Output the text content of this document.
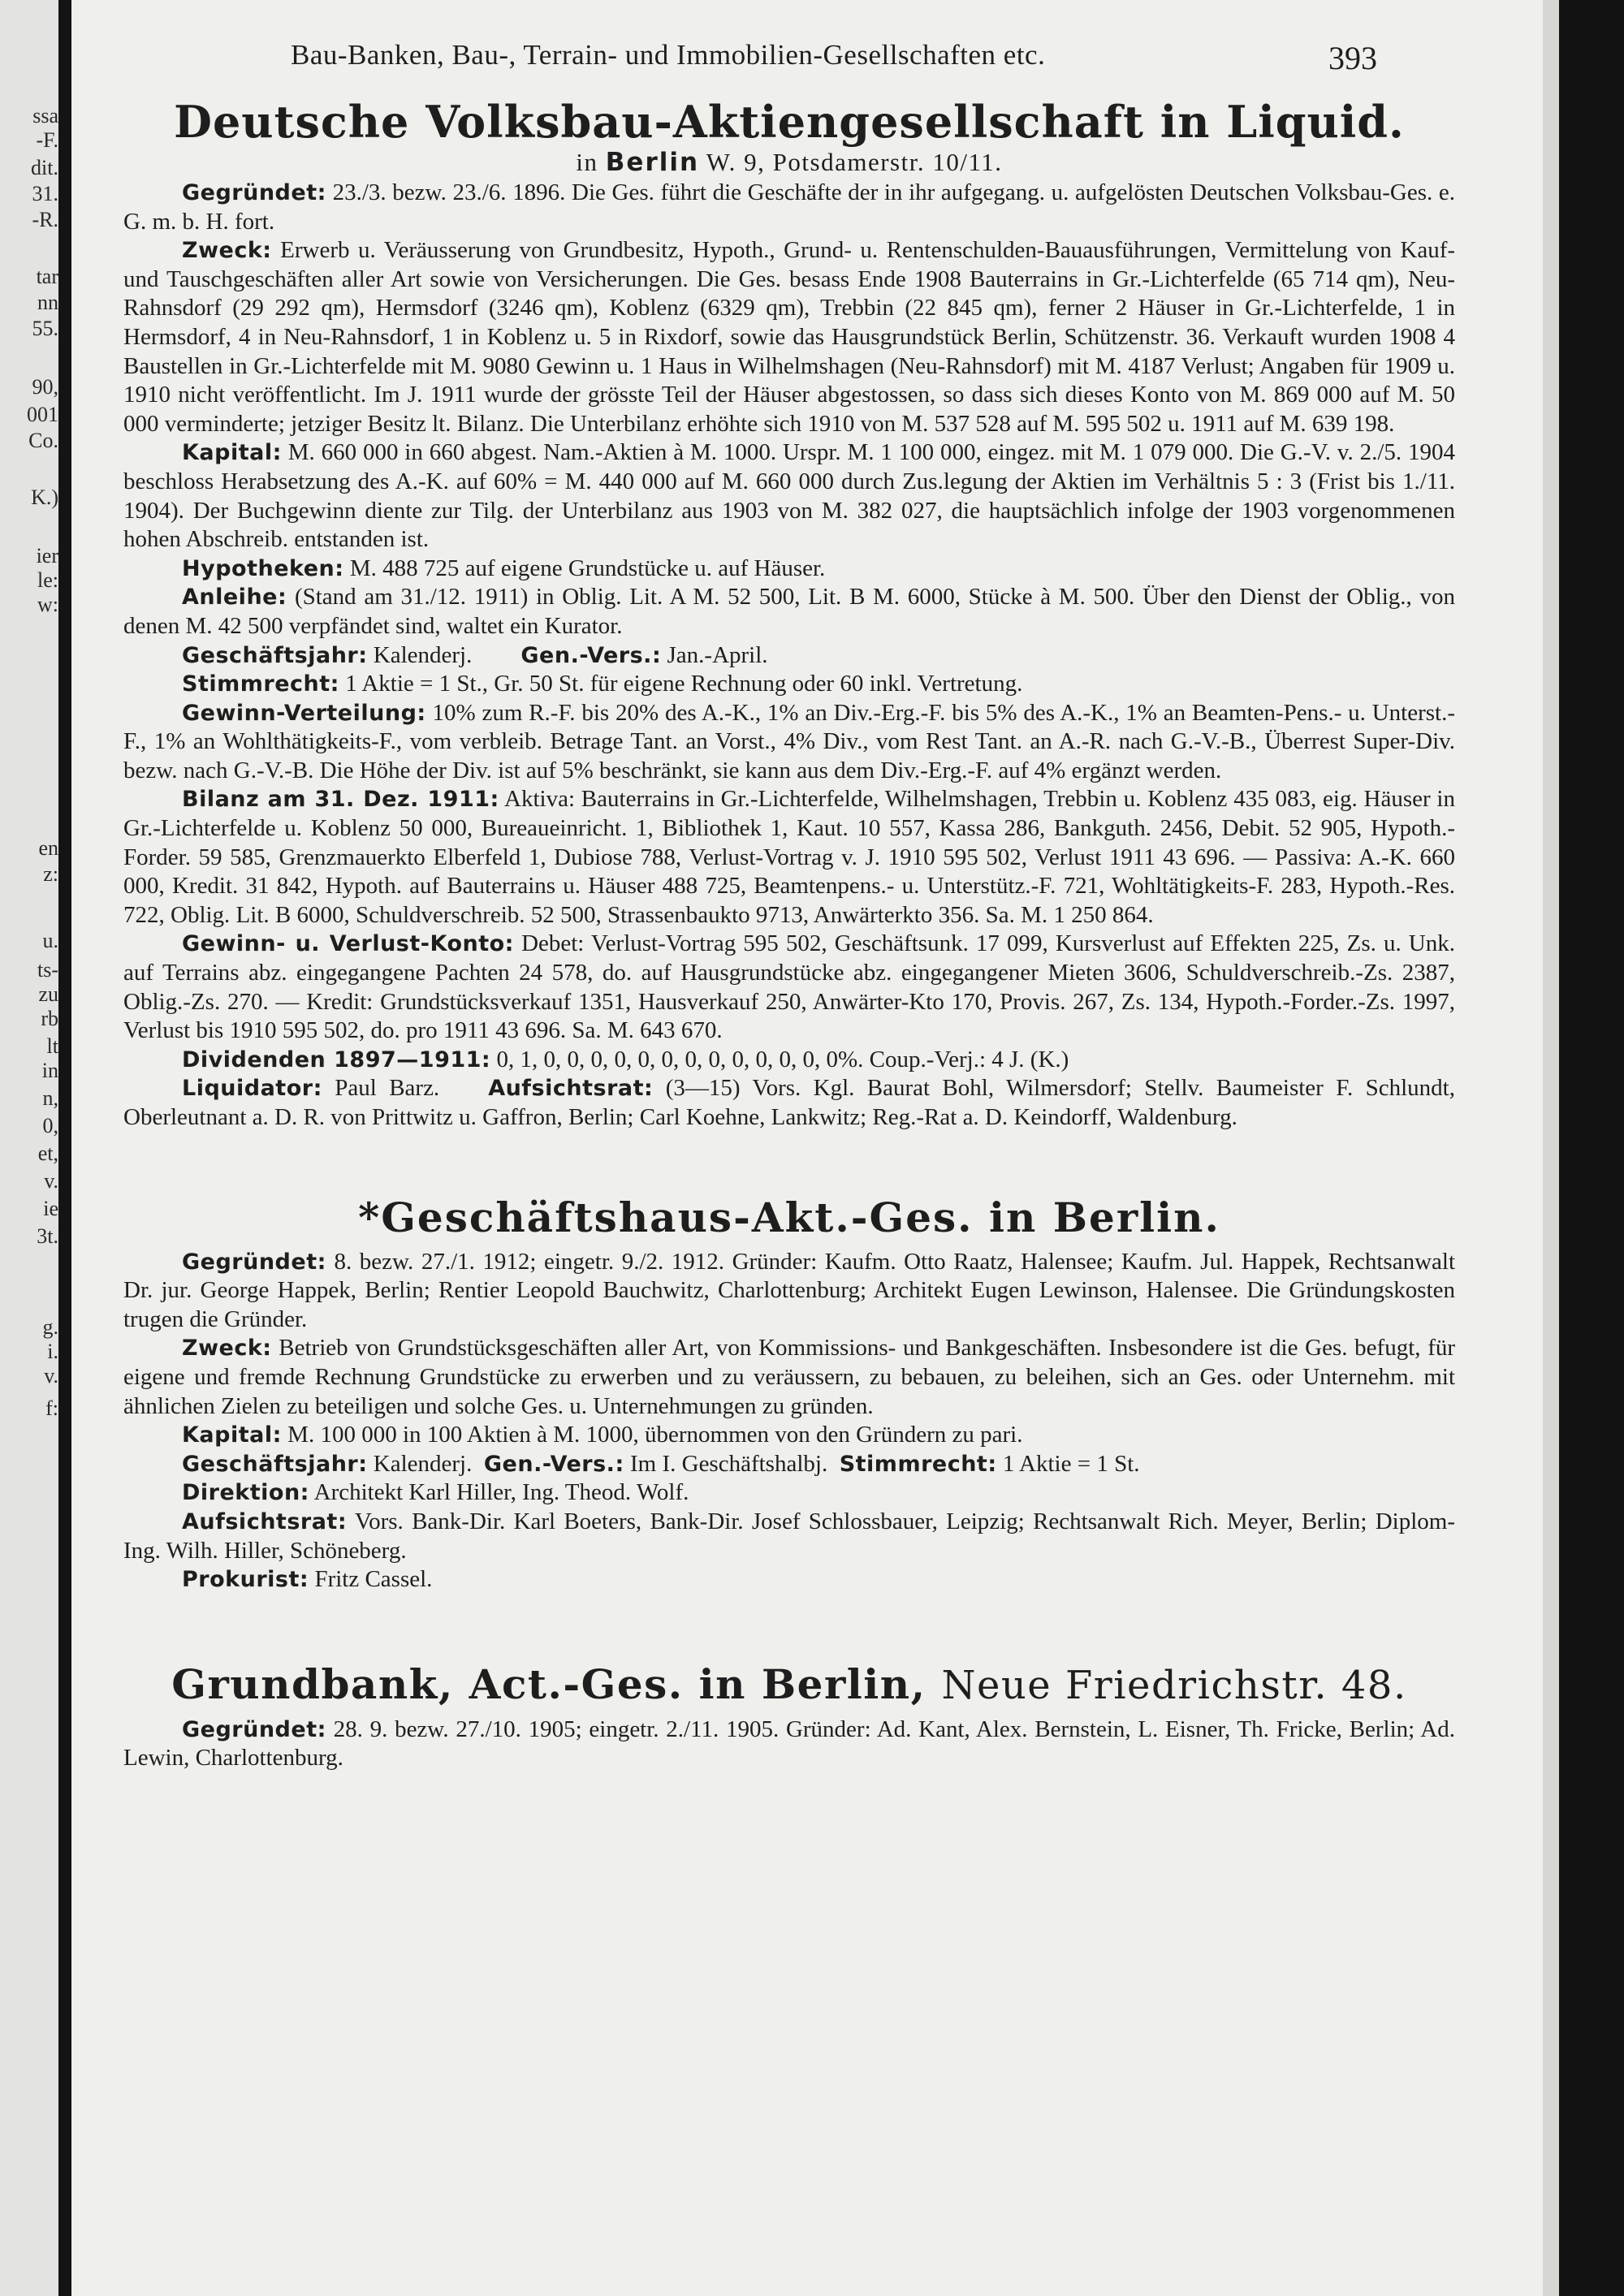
ssa
-F.
dit.
31.
-R.
tar
nn
55.
90,
001
Co.
K.)
ier
le:
w:
en
z:
u.
ts-
zu
rb
lt
in
n,
0,
et,
v.
ie
3t.
g.
i.
v.
f:
Bau-Banken, Bau-, Terrain- und Immobilien-Gesellschaften etc.	393

Deutsche Volksbau-Aktiengesellschaft in Liquid.

in Berlin W. 9, Potsdamerstr. 10/11.

Gegründet: 23./3. bezw. 23./6. 1896. Die Ges. führt die Geschäfte der in ihr aufgegang. u. aufgelösten Deutschen Volksbau-Ges. e. G. m. b. H. fort.

Zweck: Erwerb u. Veräusserung von Grundbesitz, Hypoth., Grund- u. Rentenschulden-Bauausführungen, Vermittelung von Kauf- und Tauschgeschäften aller Art sowie von Versicherungen. Die Ges. besass Ende 1908 Bauterrains in Gr.-Lichterfelde (65 714 qm), Neu-Rahnsdorf (29 292 qm), Hermsdorf (3246 qm), Koblenz (6329 qm), Trebbin (22 845 qm), ferner 2 Häuser in Gr.-Lichterfelde, 1 in Hermsdorf, 4 in Neu-Rahnsdorf, 1 in Koblenz u. 5 in Rixdorf, sowie das Hausgrundstück Berlin, Schützenstr. 36. Verkauft wurden 1908 4 Baustellen in Gr.-Lichterfelde mit M. 9080 Gewinn u. 1 Haus in Wilhelmshagen (Neu-Rahnsdorf) mit M. 4187 Verlust; Angaben für 1909 u. 1910 nicht veröffentlicht. Im J. 1911 wurde der grösste Teil der Häuser abgestossen, so dass sich dieses Konto von M. 869 000 auf M. 50 000 verminderte; jetziger Besitz lt. Bilanz. Die Unterbilanz erhöhte sich 1910 von M. 537 528 auf M. 595 502 u. 1911 auf M. 639 198.

Kapital: M. 660 000 in 660 abgest. Nam.-Aktien à M. 1000. Urspr. M. 1 100 000, eingez. mit M. 1 079 000. Die G.-V. v. 2./5. 1904 beschloss Herabsetzung des A.-K. auf 60% = M. 440 000 auf M. 660 000 durch Zus.legung der Aktien im Verhältnis 5 : 3 (Frist bis 1./11. 1904). Der Buchgewinn diente zur Tilg. der Unterbilanz aus 1903 von M. 382 027, die hauptsächlich infolge der 1903 vorgenommenen hohen Abschreib. entstanden ist.

Hypotheken: M. 488 725 auf eigene Grundstücke u. auf Häuser.

Anleihe: (Stand am 31./12. 1911) in Oblig. Lit. A M. 52 500, Lit. B M. 6000, Stücke à M. 500. Über den Dienst der Oblig., von denen M. 42 500 verpfändet sind, waltet ein Kurator.

Geschäftsjahr: Kalenderj. Gen.-Vers.: Jan.-April.

Stimmrecht: 1 Aktie = 1 St., Gr. 50 St. für eigene Rechnung oder 60 inkl. Vertretung.

Gewinn-Verteilung: 10% zum R.-F. bis 20% des A.-K., 1% an Div.-Erg.-F. bis 5% des A.-K., 1% an Beamten-Pens.- u. Unterst.-F., 1% an Wohlthätigkeits-F., vom verbleib. Betrage Tant. an Vorst., 4% Div., vom Rest Tant. an A.-R. nach G.-V.-B., Überrest Super-Div. bezw. nach G.-V.-B. Die Höhe der Div. ist auf 5% beschränkt, sie kann aus dem Div.-Erg.-F. auf 4% ergänzt werden.

Bilanz am 31. Dez. 1911: Aktiva: Bauterrains in Gr.-Lichterfelde, Wilhelmshagen, Trebbin u. Koblenz 435 083, eig. Häuser in Gr.-Lichterfelde u. Koblenz 50 000, Bureaueinricht. 1, Bibliothek 1, Kaut. 10 557, Kassa 286, Bankguth. 2456, Debit. 52 905, Hypoth.-Forder. 59 585, Grenzmauerkto Elberfeld 1, Dubiose 788, Verlust-Vortrag v. J. 1910 595 502, Verlust 1911 43 696. — Passiva: A.-K. 660 000, Kredit. 31 842, Hypoth. auf Bauterrains u. Häuser 488 725, Beamtenpens.- u. Unterstütz.-F. 721, Wohltätigkeits-F. 283, Hypoth.-Res. 722, Oblig. Lit. B 6000, Schuldverschreib. 52 500, Strassenbaukto 9713, Anwärterkto 356. Sa. M. 1 250 864.

Gewinn- u. Verlust-Konto: Debet: Verlust-Vortrag 595 502, Geschäftsunk. 17 099, Kursverlust auf Effekten 225, Zs. u. Unk. auf Terrains abz. eingegangene Pachten 24 578, do. auf Hausgrundstücke abz. eingegangener Mieten 3606, Schuldverschreib.-Zs. 2387, Oblig.-Zs. 270. — Kredit: Grundstücksverkauf 1351, Hausverkauf 250, Anwärter-Kto 170, Provis. 267, Zs. 134, Hypoth.-Forder.-Zs. 1997, Verlust bis 1910 595 502, do. pro 1911 43 696. Sa. M. 643 670.

Dividenden 1897—1911: 0, 1, 0, 0, 0, 0, 0, 0, 0, 0, 0, 0, 0, 0, 0%. Coup.-Verj.: 4 J. (K.)

Liquidator: Paul Barz. Aufsichtsrat: (3—15) Vors. Kgl. Baurat Bohl, Wilmersdorf; Stellv. Baumeister F. Schlundt, Oberleutnant a. D. R. von Prittwitz u. Gaffron, Berlin; Carl Koehne, Lankwitz; Reg.-Rat a. D. Keindorff, Waldenburg.

*Geschäftshaus-Akt.-Ges. in Berlin.

Gegründet: 8. bezw. 27./1. 1912; eingetr. 9./2. 1912. Gründer: Kaufm. Otto Raatz, Halensee; Kaufm. Jul. Happek, Rechtsanwalt Dr. jur. George Happek, Berlin; Rentier Leopold Bauchwitz, Charlottenburg; Architekt Eugen Lewinson, Halensee. Die Gründungskosten trugen die Gründer.

Zweck: Betrieb von Grundstücksgeschäften aller Art, von Kommissions- und Bankgeschäften. Insbesondere ist die Ges. befugt, für eigene und fremde Rechnung Grundstücke zu erwerben und zu veräussern, zu bebauen, zu beleihen, sich an Ges. oder Unternehm. mit ähnlichen Zielen zu beteiligen und solche Ges. u. Unternehmungen zu gründen.

Kapital: M. 100 000 in 100 Aktien à M. 1000, übernommen von den Gründern zu pari.

Geschäftsjahr: Kalenderj. Gen.-Vers.: Im I. Geschäftshalbj. Stimmrecht: 1 Aktie = 1 St.

Direktion: Architekt Karl Hiller, Ing. Theod. Wolf.

Aufsichtsrat: Vors. Bank-Dir. Karl Boeters, Bank-Dir. Josef Schlossbauer, Leipzig; Rechtsanwalt Rich. Meyer, Berlin; Diplom-Ing. Wilh. Hiller, Schöneberg.

Prokurist: Fritz Cassel.

Grundbank, Act.-Ges. in Berlin, Neue Friedrichstr. 48.

Gegründet: 28. 9. bezw. 27./10. 1905; eingetr. 2./11. 1905. Gründer: Ad. Kant, Alex. Bernstein, L. Eisner, Th. Fricke, Berlin; Ad. Lewin, Charlottenburg.
